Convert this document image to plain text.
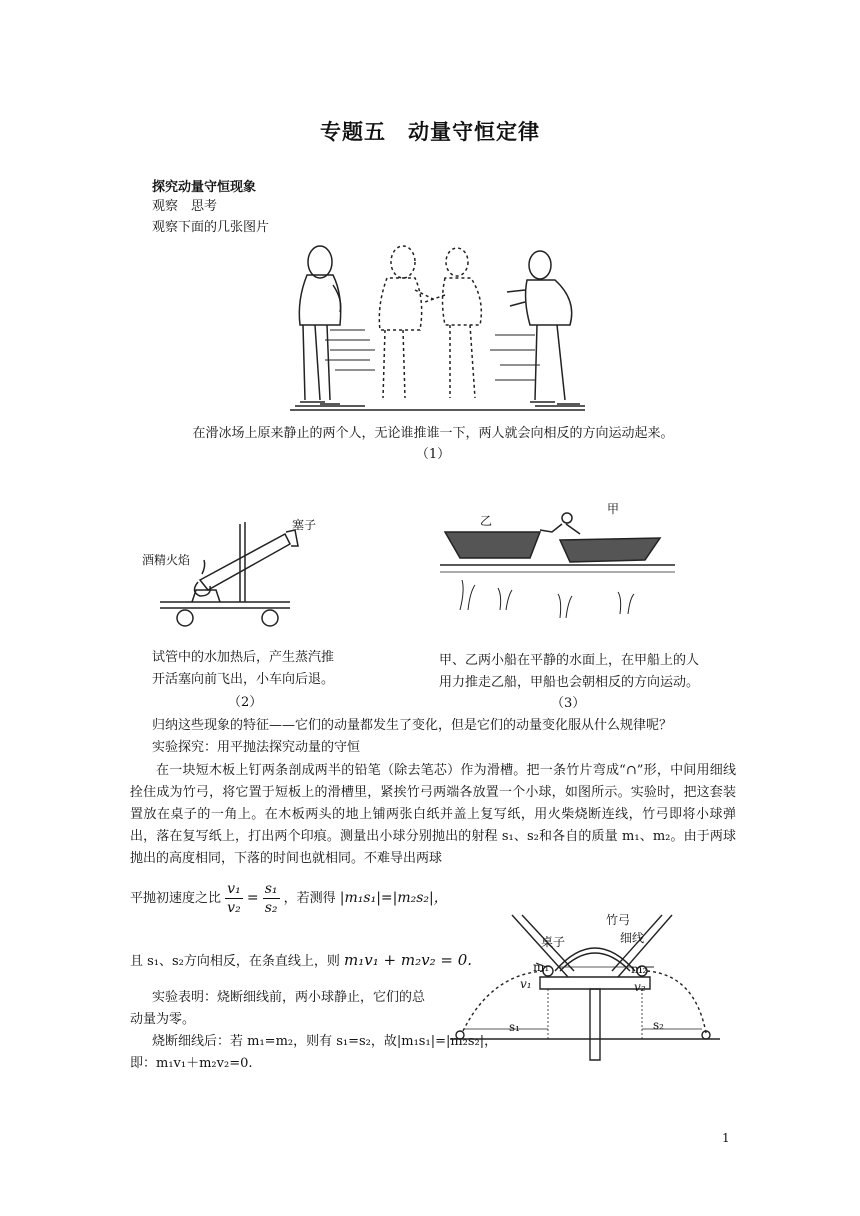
专题五　动量守恒定律
探究动量守恒现象
观察　思考
观察下面的几张图片
在滑冰场上原来静止的两个人，无论谁推谁一下，两人就会向相反的方向运动起来。
（1）
塞子
酒精火焰
试管中的水加热后，产生蒸汽推
开活塞向前飞出，小车向后退。
（2）
乙
甲
甲、乙两小船在平静的水面上，在甲船上的人
用力推走乙船，甲船也会朝相反的方向运动。
（3）
归纳这些现象的特征——它们的动量都发生了变化，但是它们的动量变化服从什么规律呢？
实验探究：用平抛法探究动量的守恒
在一块短木板上钉两条剖成两半的铅笔（除去笔芯）作为滑槽。把一条竹片弯成“∩”形，中间用细线拴住成为竹弓，将它置于短板上的滑槽里，紧挨竹弓两端各放置一个小球，如图所示。实验时，把这套装置放在桌子的一角上。在木板两头的地上铺两张白纸并盖上复写纸，用火柴烧断连线，竹弓即将小球弹出，落在复写纸上，打出两个印痕。测量出小球分别抛出的射程 s₁、s₂和各自的质量 m₁、m₂。由于两球抛出的高度相同，下落的时间也就相同。不难导出两球
平抛初速度之比 $\frac{\text{v₁}}{\text{v₂}} = \frac{\text{s₁}}{\text{s₂}}$ ，若测得 |m₁s₁|=|m₂s₂|，
且 s₁、s₂方向相反，在条直线上，则 m₁v₁ + m₂v₂ = 0.
实验表明：烧断细线前，两小球静止，它们的总
动量为零。
烧断细线后：若 m₁=m₂，则有 s₁=s₂，故|m₁s₁|=|m₂s₂|，
即：m₁v₁＋m₂v₂=0.
竹弓
桌子	细线
m₁	m₂
v₁	v₂
s₁	s₂
1
